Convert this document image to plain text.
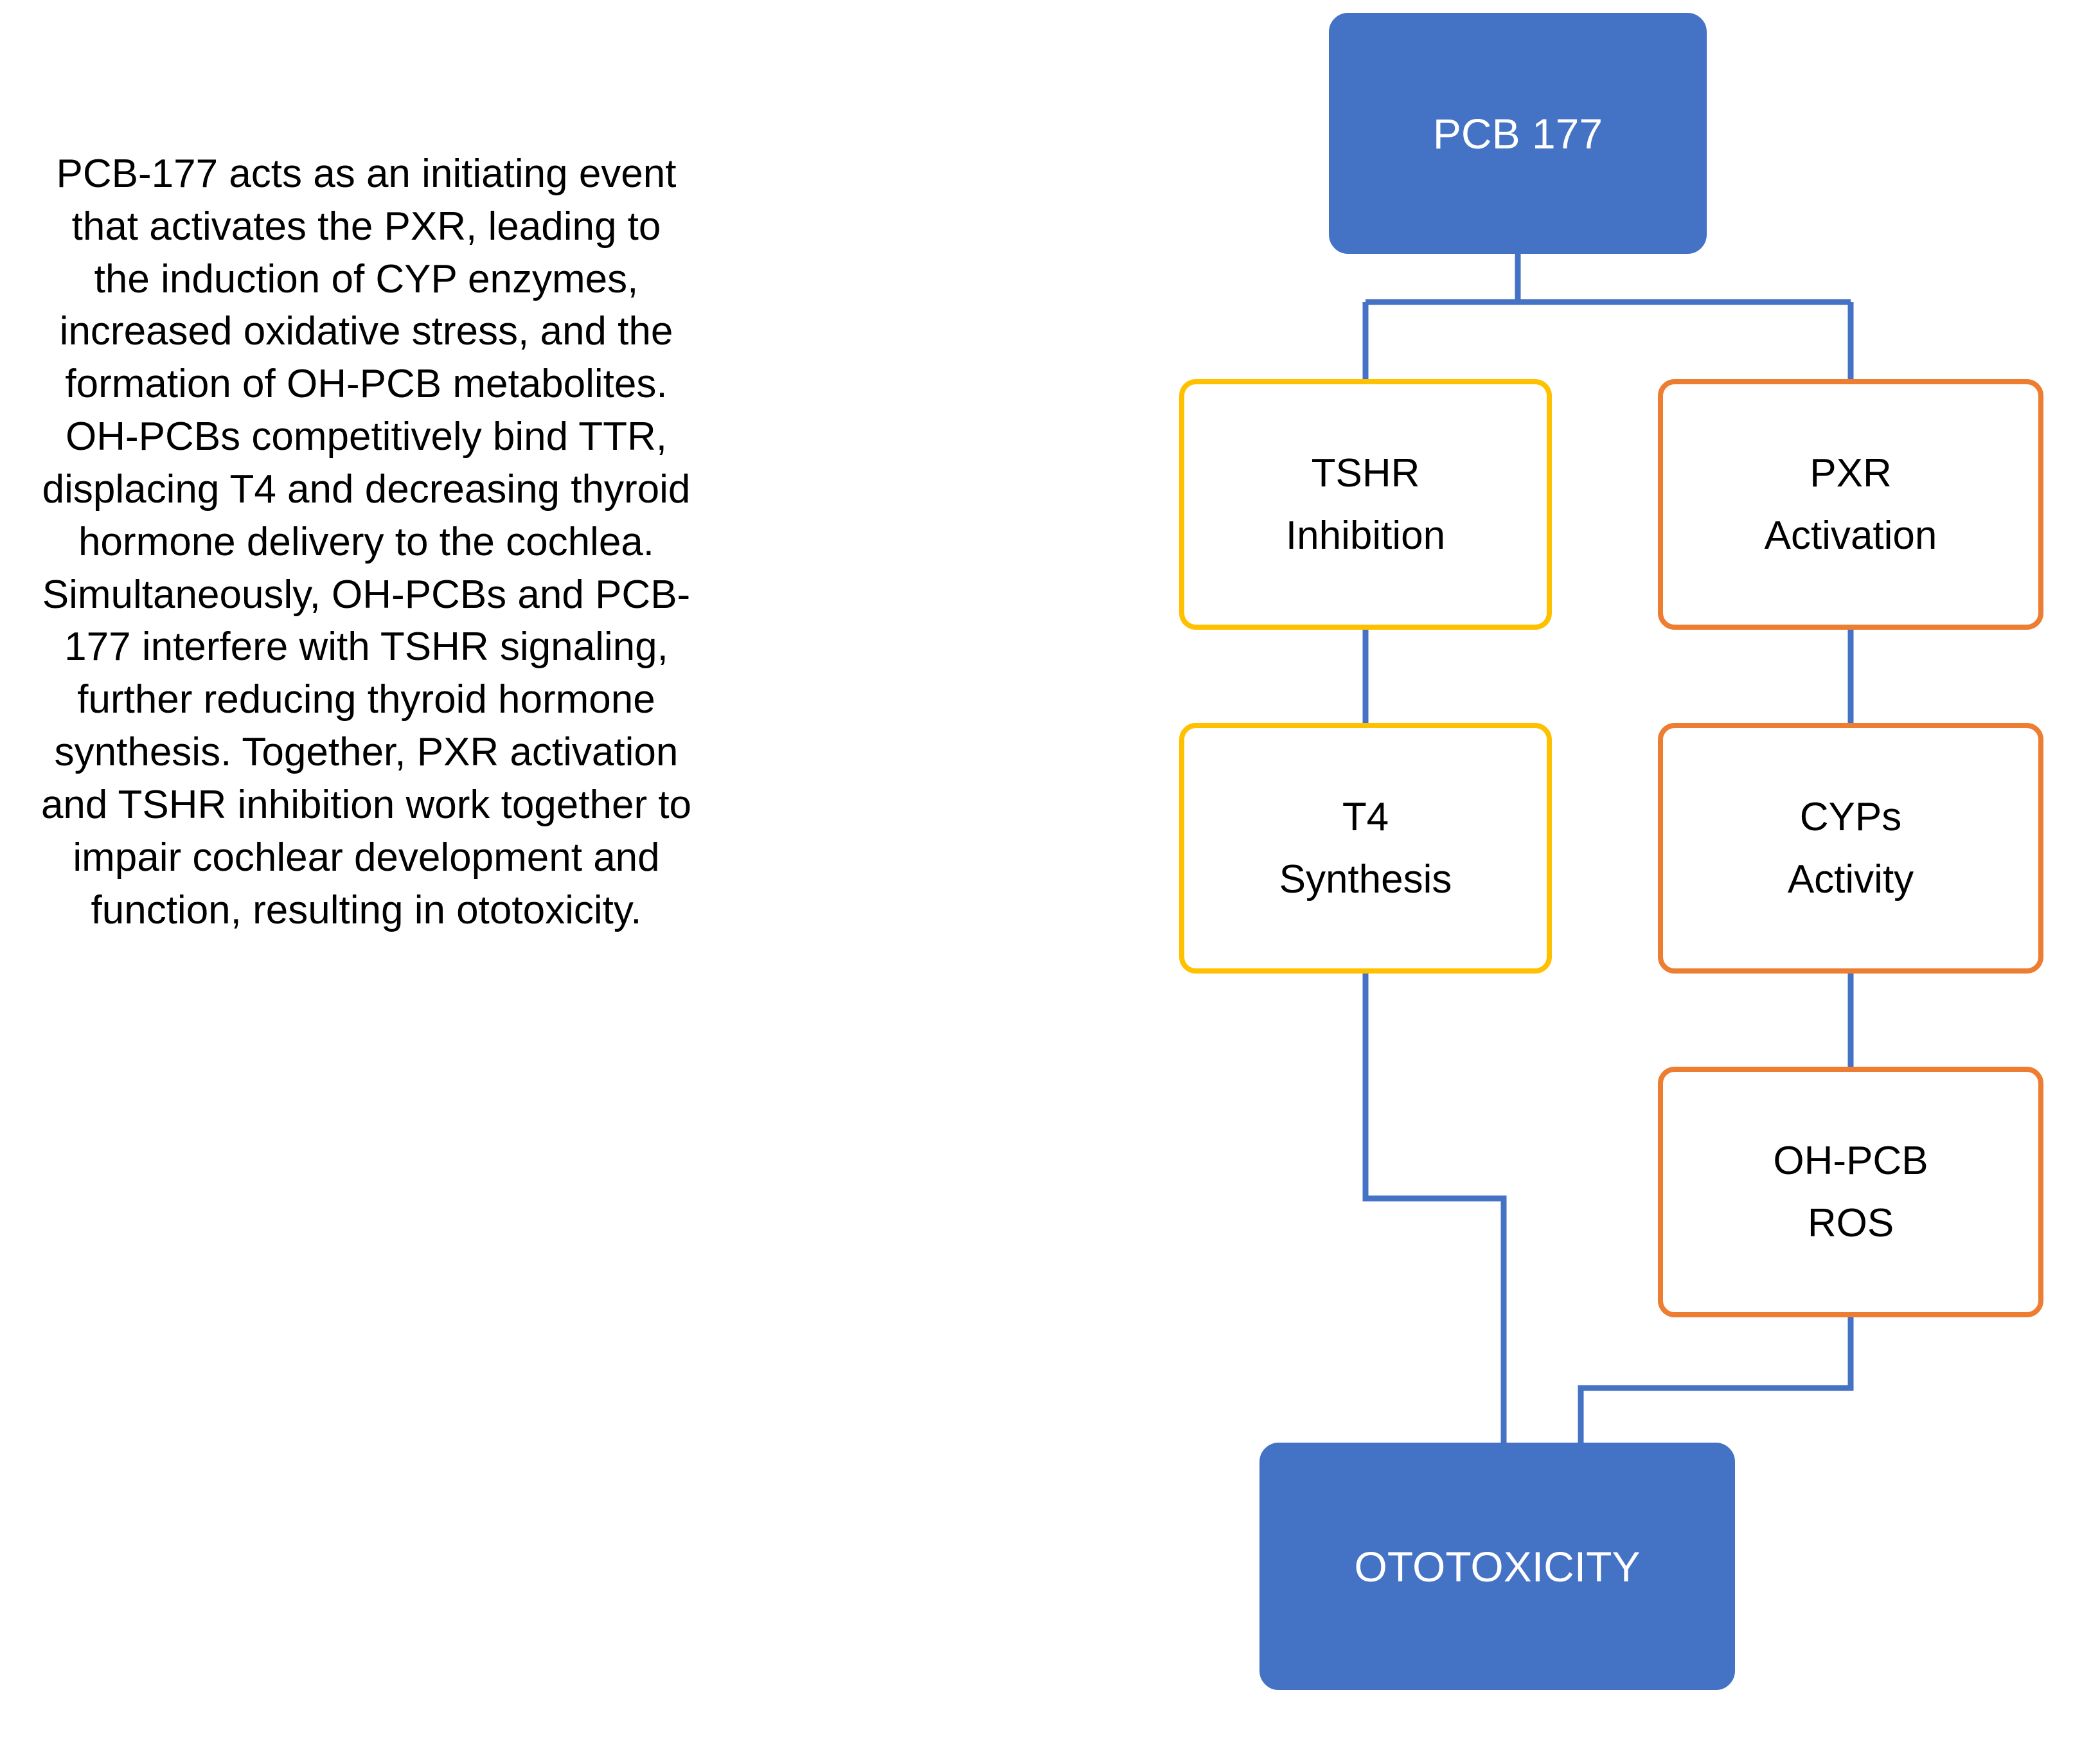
PCB-177 acts as an initiating event that activates the PXR, leading to the induction of CYP enzymes, increased oxidative stress, and the formation of OH-PCB metabolites. OH-PCBs competitively bind TTR, displacing T4 and decreasing thyroid hormone delivery to the cochlea. Simultaneously, OH-PCBs and PCB-177 interfere with TSHR signaling, further reducing thyroid hormone synthesis. Together, PXR activation and TSHR inhibition work together to impair cochlear development and function, resulting in ototoxicity.
PCB 177
TSHR
Inhibition
PXR
Activation
T4
Synthesis
CYPs
Activity
OH-PCB
ROS
OTOTOXICITY
